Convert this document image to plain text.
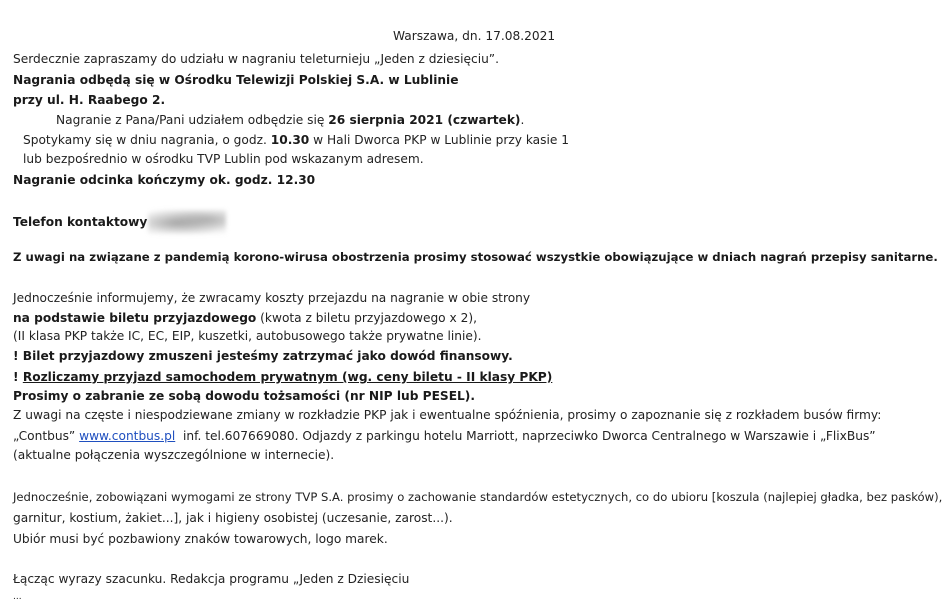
Warszawa, dn. 17.08.2021
Serdecznie zapraszamy do udziału w nagraniu teleturnieju „Jeden z dziesięciu”.
Nagrania odbędą się w Ośrodku Telewizji Polskiej S.A. w Lublinie
przy ul. H. Raabego 2.
Nagranie z Pana/Pani udziałem odbędzie się 26 sierpnia 2021 (czwartek).
Spotykamy się w dniu nagrania, o godz. 10.30 w Hali Dworca PKP w Lublinie przy kasie 1
lub bezpośrednio w ośrodku TVP Lublin pod wskazanym adresem.
Nagranie odcinka kończymy ok. godz. 12.30
Telefon kontaktowy
Z uwagi na związane z pandemią korono-wirusa obostrzenia prosimy stosować wszystkie obowiązujące w dniach nagrań przepisy sanitarne.
Jednocześnie informujemy, że zwracamy koszty przejazdu na nagranie w obie strony
na podstawie biletu przyjazdowego (kwota z biletu przyjazdowego x 2),
(II klasa PKP także IC, EC, EIP, kuszetki, autobusowego także prywatne linie).
! Bilet przyjazdowy zmuszeni jesteśmy zatrzymać jako dowód finansowy.
! Rozliczamy przyjazd samochodem prywatnym (wg. ceny biletu - II klasy PKP)
Prosimy o zabranie ze sobą dowodu tożsamości (nr NIP lub PESEL).
Z uwagi na częste i niespodziewane zmiany w rozkładzie PKP jak i ewentualne spóźnienia, prosimy o zapoznanie się z rozkładem busów firmy:
„Contbus” www.contbus.pl  inf. tel.607669080. Odjazdy z parkingu hotelu Marriott, naprzeciwko Dworca Centralnego w Warszawie i „FlixBus”
(aktualne połączenia wyszczególnione w internecie).
Jednocześnie, zobowiązani wymogami ze strony TVP S.A. prosimy o zachowanie standardów estetycznych, co do ubioru [koszula (najlepiej gładka, bez pasków),
garnitur, kostium, żakiet...], jak i higieny osobistej (uczesanie, zarost...).
Ubiór musi być pozbawiony znaków towarowych, logo marek.
Łącząc wyrazy szacunku. Redakcja programu „Jeden z Dziesięciu
...
